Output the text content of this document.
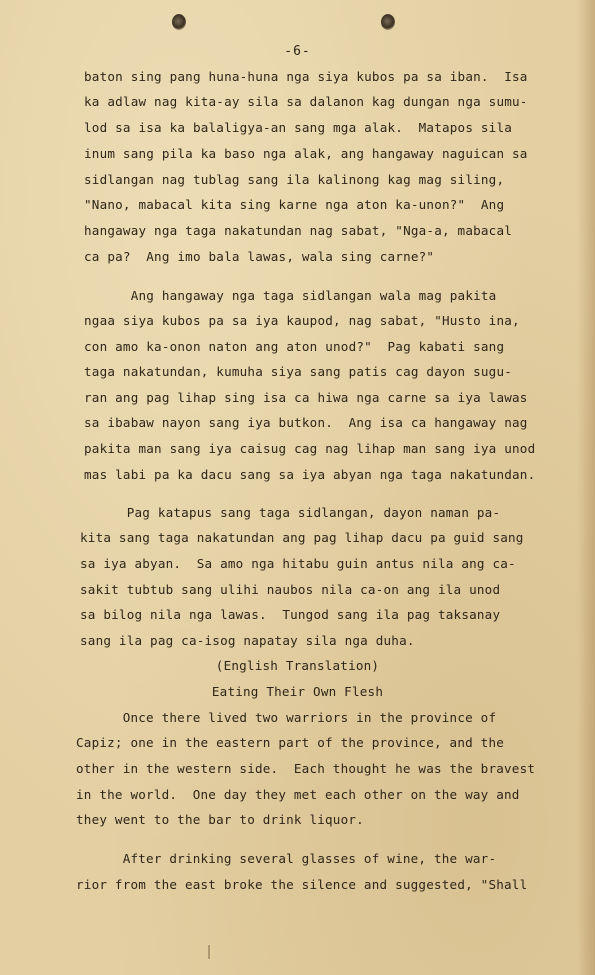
-6-
baton sing pang huna-huna nga siya kubos pa sa iban.  Isa
ka adlaw nag kita-ay sila sa dalanon kag dungan nga sumu-
lod sa isa ka balaligya-an sang mga alak.  Matapos sila
inum sang pila ka baso nga alak, ang hangaway naguican sa
sidlangan nag tublag sang ila kalinong kag mag siling,
"Nano, mabacal kita sing karne nga aton ka-unon?"  Ang
hangaway nga taga nakatundan nag sabat, "Nga-a, mabacal
ca pa?  Ang imo bala lawas, wala sing carne?"
Ang hangaway nga taga sidlangan wala mag pakita
ngaa siya kubos pa sa iya kaupod, nag sabat, "Husto ina,
con amo ka-onon naton ang aton unod?"  Pag kabati sang
taga nakatundan, kumuha siya sang patis cag dayon sugu-
ran ang pag lihap sing isa ca hiwa nga carne sa iya lawas
sa ibabaw nayon sang iya butkon.  Ang isa ca hangaway nag
pakita man sang iya caisug cag nag lihap man sang iya unod
mas labi pa ka dacu sang sa iya abyan nga taga nakatundan.
Pag katapus sang taga sidlangan, dayon naman pa-
kita sang taga nakatundan ang pag lihap dacu pa guid sang
sa iya abyan.  Sa amo nga hitabu guin antus nila ang ca-
sakit tubtub sang ulihi naubos nila ca-on ang ila unod
sa bilog nila nga lawas.  Tungod sang ila pag taksanay
sang ila pag ca-isog napatay sila nga duha.
(English Translation)
Eating Their Own Flesh
Once there lived two warriors in the province of
Capiz; one in the eastern part of the province, and the
other in the western side.  Each thought he was the bravest
in the world.  One day they met each other on the way and
they went to the bar to drink liquor.
After drinking several glasses of wine, the war-
rior from the east broke the silence and suggested, "Shall
